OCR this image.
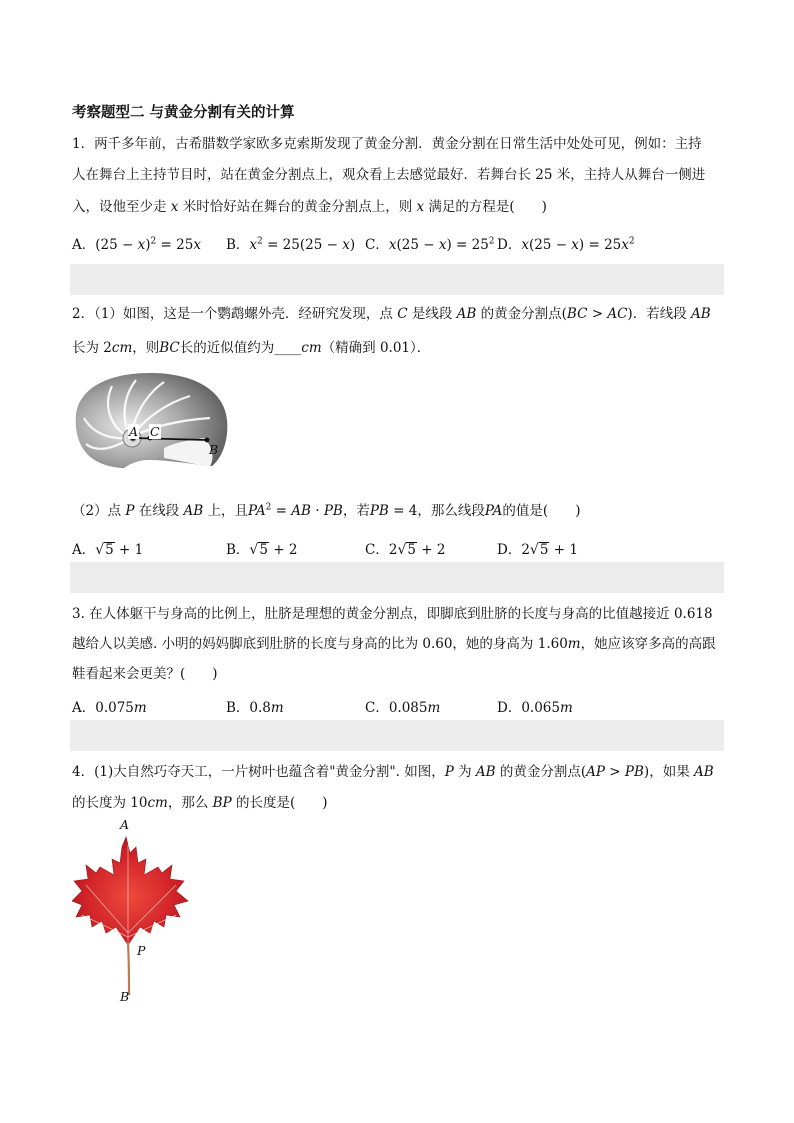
考察题型二 与黄金分割有关的计算
1．两千多年前，古希腊数学家欧多克索斯发现了黄金分割．黄金分割在日常生活中处处可见，例如：主持
人在舞台上主持节目时，站在黄金分割点上，观众看上去感觉最好．若舞台长 25 米，主持人从舞台一侧进
入，设他至少走 x 米时恰好站在舞台的黄金分割点上，则 x 满足的方程是(　　)
A．$(25 - x)^2 = 25x$ B．$x^2 = 25(25 - x)$ C．$x(25 - x) = 25^2$ D．$x(25 - x) = 25x^2$
2．（1）如图，这是一个鹦鹉螺外壳．经研究发现，点 C 是线段 AB 的黄金分割点(BC > AC)．若线段 AB
长为 2cm，则BC长的近似值约为____cm（精确到 0.01）．
A C
B
（2）点 P 在线段 AB 上，且$PA^2$ = AB · PB，若PB = 4，那么线段PA的值是(　　)
A．√5 + 1	B．√5 + 2	C．2√5 + 2	D．2√5 + 1
3. 在人体躯干与身高的比例上，肚脐是理想的黄金分割点，即脚底到肚脐的长度与身高的比值越接近 0.618
越给人以美感. 小明的妈妈脚底到肚脐的长度与身高的比为 0.60，她的身高为 1.60m，她应该穿多高的高跟
鞋看起来会更美？(　　)
A．0.075m	B．0.8m	C．0.085m	D．0.065m
4．(1)大自然巧夺天工，一片树叶也蕴含着"黄金分割". 如图，P 为 AB 的黄金分割点(AP > PB)，如果 AB
的长度为 10cm，那么 BP 的长度是(　　)
A
P
B
